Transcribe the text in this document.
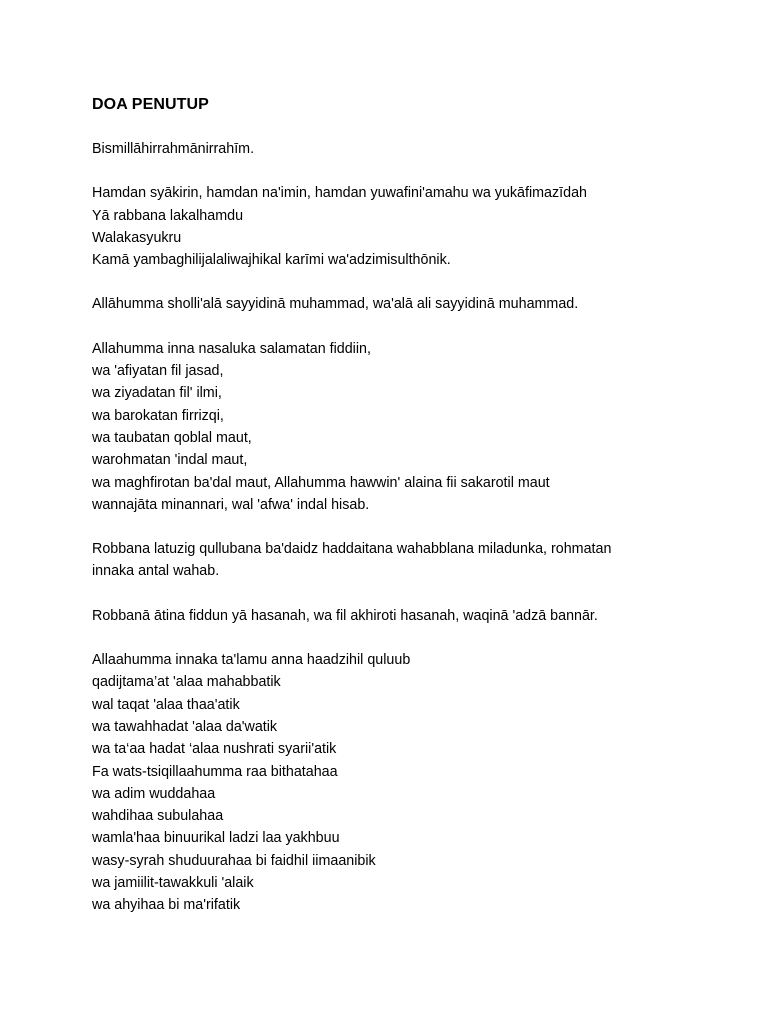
DOA PENUTUP
Bismillāhirrahmānirrahīm.
Hamdan syākirin, hamdan na'imin, hamdan yuwafini'amahu wa yukāfimazīdah
Yā rabbana lakalhamdu
Walakasyukru
Kamā yambaghilijalaliwajhikal karīmi wa'adzimisulthōnik.
Allāhumma sholli'alā sayyidinā muhammad, wa'alā ali sayyidinā muhammad.
Allahumma inna nasaluka salamatan fiddiin,
wa 'afiyatan fil jasad,
wa ziyadatan fil' ilmi,
wa barokatan firrizqi,
wa taubatan qoblal maut,
warohmatan 'indal maut,
wa maghfirotan ba'dal maut, Allahumma hawwin' alaina fii sakarotil maut
wannajāta minannari, wal 'afwa' indal hisab.
Robbana latuzig qullubana ba'daidz haddaitana wahabblana miladunka, rohmatan
innaka antal wahab.
Robbanā ātina fiddun yā hasanah, wa fil akhiroti hasanah, waqinā 'adzā bannār.
Allaahumma innaka ta'lamu anna haadzihil quluub
qadijtama’at 'alaa mahabbatik
wal taqat 'alaa thaa'atik
wa tawahhadat 'alaa da'watik
wa ta‘aa hadat ‘alaa nushrati syarii'atik
Fa wats-tsiqillaahumma raa bithatahaa
wa adim wuddahaa
wahdihaa subulahaa
wamla'haa binuurikal ladzi laa yakhbuu
wasy-syrah shuduurahaa bi faidhil iimaanibik
wa jamiilit-tawakkuli 'alaik
wa ahyihaa bi ma'rifatik
